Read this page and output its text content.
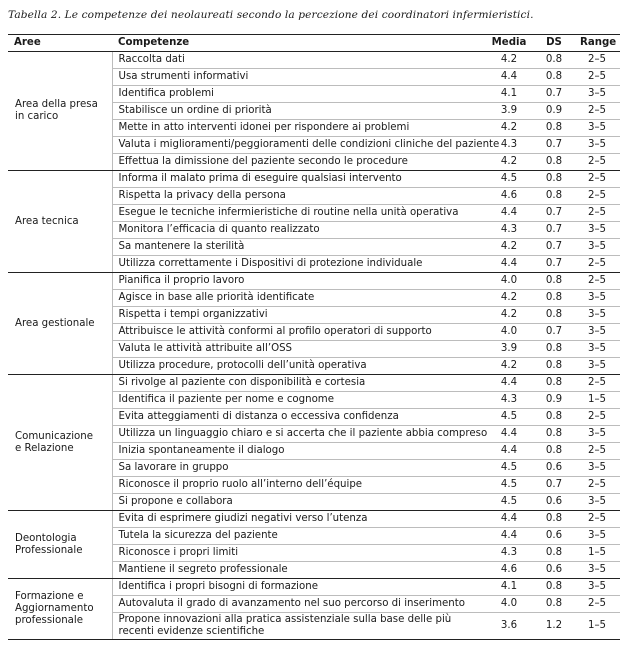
Tabella 2. Le competenze dei neolaureati secondo la percezione dei coordinatori infermieristici.
Aree	Competenze	Media	DS	Range
Area della presa
in carico	Raccolta dati	4.2	0.8	2–5
	Usa strumenti informativi	4.4	0.8	2–5
	Identifica problemi	4.1	0.7	3–5
	Stabilisce un ordine di priorità	3.9	0.9	2–5
	Mette in atto interventi idonei per rispondere ai problemi	4.2	0.8	3–5
	Valuta i miglioramenti/peggioramenti delle condizioni cliniche del paziente	4.3	0.7	3–5
	Effettua la dimissione del paziente secondo le procedure	4.2	0.8	2–5
Area tecnica	Informa il malato prima di eseguire qualsiasi intervento	4.5	0.8	2–5
	Rispetta la privacy della persona	4.6	0.8	2–5
	Esegue le tecniche infermieristiche di routine nella unità operativa	4.4	0.7	2–5
	Monitora l’efficacia di quanto realizzato	4.3	0.7	3–5
	Sa mantenere la sterilità	4.2	0.7	3–5
	Utilizza correttamente i Dispositivi di protezione individuale	4.4	0.7	2–5
Area gestionale	Pianifica il proprio lavoro	4.0	0.8	2–5
	Agisce in base alle priorità identificate	4.2	0.8	3–5
	Rispetta i tempi organizzativi	4.2	0.8	3–5
	Attribuisce le attività conformi al profilo operatori di supporto	4.0	0.7	3–5
	Valuta le attività attribuite all’OSS	3.9	0.8	3–5
	Utilizza procedure, protocolli dell’unità operativa	4.2	0.8	3–5
Comunicazione
e Relazione	Si rivolge al paziente con disponibilità e cortesia	4.4	0.8	2–5
	Identifica il paziente per nome e cognome	4.3	0.9	1–5
	Evita atteggiamenti di distanza o eccessiva confidenza	4.5	0.8	2–5
	Utilizza un linguaggio chiaro e si accerta che il paziente abbia compreso	4.4	0.8	3–5
	Inizia spontaneamente il dialogo	4.4	0.8	2–5
	Sa lavorare in gruppo	4.5	0.6	3–5
	Riconosce il proprio ruolo all’interno dell’équipe	4.5	0.7	2–5
	Si propone e collabora	4.5	0.6	3–5
Deontologia
Professionale	Evita di esprimere giudizi negativi verso l’utenza	4.4	0.8	2–5
	Tutela la sicurezza del paziente	4.4	0.6	3–5
	Riconosce i propri limiti	4.3	0.8	1–5
	Mantiene il segreto professionale	4.6	0.6	3–5
Formazione e
Aggiornamento
professionale	Identifica i propri bisogni di formazione	4.1	0.8	3–5
	Autovaluta il grado di avanzamento nel suo percorso di inserimento	4.0	0.8	2–5
	Propone innovazioni alla pratica assistenziale sulla base delle più recenti evidenze scientifiche	3.6	1.2	1–5
